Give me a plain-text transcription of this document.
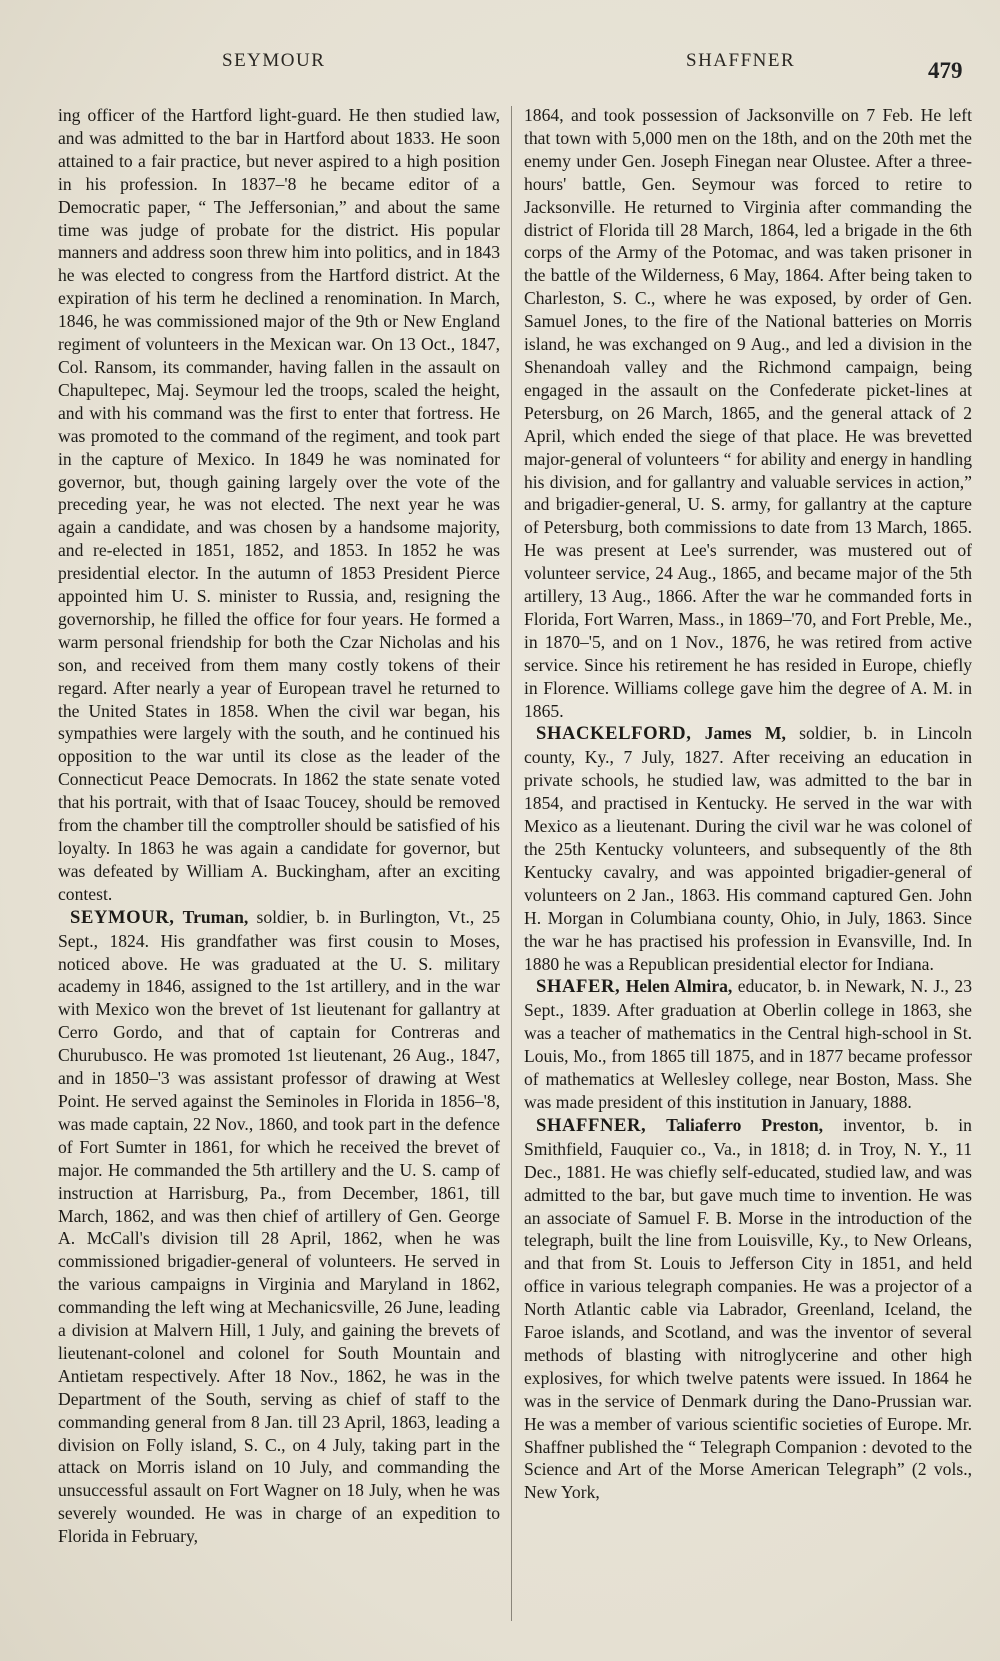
SEYMOUR	SHAFFNER	479

ing officer of the Hartford light-guard. He then studied law, and was admitted to the bar in Hartford about 1833. He soon attained to a fair practice, but never aspired to a high position in his profession. In 1837–'8 he became editor of a Democratic paper, “ The Jeffersonian,” and about the same time was judge of probate for the district. His popular manners and address soon threw him into politics, and in 1843 he was elected to congress from the Hartford district. At the expiration of his term he declined a renomination. In March, 1846, he was commissioned major of the 9th or New England regiment of volunteers in the Mexican war. On 13 Oct., 1847, Col. Ransom, its commander, having fallen in the assault on Chapultepec, Maj. Seymour led the troops, scaled the height, and with his command was the first to enter that fortress. He was promoted to the command of the regiment, and took part in the capture of Mexico. In 1849 he was nominated for governor, but, though gaining largely over the vote of the preceding year, he was not elected. The next year he was again a candidate, and was chosen by a handsome majority, and re-elected in 1851, 1852, and 1853. In 1852 he was presidential elector. In the autumn of 1853 President Pierce appointed him U. S. minister to Russia, and, resigning the governorship, he filled the office for four years. He formed a warm personal friendship for both the Czar Nicholas and his son, and received from them many costly tokens of their regard. After nearly a year of European travel he returned to the United States in 1858. When the civil war began, his sympathies were largely with the south, and he continued his opposition to the war until its close as the leader of the Connecticut Peace Democrats. In 1862 the state senate voted that his portrait, with that of Isaac Toucey, should be removed from the chamber till the comptroller should be satisfied of his loyalty. In 1863 he was again a candidate for governor, but was defeated by William A. Buckingham, after an exciting contest.

SEYMOUR, Truman, soldier, b. in Burlington, Vt., 25 Sept., 1824. His grandfather was first cousin to Moses, noticed above. He was graduated at the U. S. military academy in 1846, assigned to the 1st artillery, and in the war with Mexico won the brevet of 1st lieutenant for gallantry at Cerro Gordo, and that of captain for Contreras and Churubusco. He was promoted 1st lieutenant, 26 Aug., 1847, and in 1850–'3 was assistant professor of drawing at West Point. He served against the Seminoles in Florida in 1856–'8, was made captain, 22 Nov., 1860, and took part in the defence of Fort Sumter in 1861, for which he received the brevet of major. He commanded the 5th artillery and the U. S. camp of instruction at Harrisburg, Pa., from December, 1861, till March, 1862, and was then chief of artillery of Gen. George A. McCall's division till 28 April, 1862, when he was commissioned brigadier-general of volunteers. He served in the various campaigns in Virginia and Maryland in 1862, commanding the left wing at Mechanicsville, 26 June, leading a division at Malvern Hill, 1 July, and gaining the brevets of lieutenant-colonel and colonel for South Mountain and Antietam respectively. After 18 Nov., 1862, he was in the Department of the South, serving as chief of staff to the commanding general from 8 Jan. till 23 April, 1863, leading a division on Folly island, S. C., on 4 July, taking part in the attack on Morris island on 10 July, and commanding the unsuccessful assault on Fort Wagner on 18 July, when he was severely wounded. He was in charge of an expedition to Florida in February,

1864, and took possession of Jacksonville on 7 Feb. He left that town with 5,000 men on the 18th, and on the 20th met the enemy under Gen. Joseph Finegan near Olustee. After a three-hours' battle, Gen. Seymour was forced to retire to Jacksonville. He returned to Virginia after commanding the district of Florida till 28 March, 1864, led a brigade in the 6th corps of the Army of the Potomac, and was taken prisoner in the battle of the Wilderness, 6 May, 1864. After being taken to Charleston, S. C., where he was exposed, by order of Gen. Samuel Jones, to the fire of the National batteries on Morris island, he was exchanged on 9 Aug., and led a division in the Shenandoah valley and the Richmond campaign, being engaged in the assault on the Confederate picket-lines at Petersburg, on 26 March, 1865, and the general attack of 2 April, which ended the siege of that place. He was brevetted major-general of volunteers “ for ability and energy in handling his division, and for gallantry and valuable services in action,” and brigadier-general, U. S. army, for gallantry at the capture of Petersburg, both commissions to date from 13 March, 1865. He was present at Lee's surrender, was mustered out of volunteer service, 24 Aug., 1865, and became major of the 5th artillery, 13 Aug., 1866. After the war he commanded forts in Florida, Fort Warren, Mass., in 1869–'70, and Fort Preble, Me., in 1870–'5, and on 1 Nov., 1876, he was retired from active service. Since his retirement he has resided in Europe, chiefly in Florence. Williams college gave him the degree of A. M. in 1865.

SHACKELFORD, James M, soldier, b. in Lincoln county, Ky., 7 July, 1827. After receiving an education in private schools, he studied law, was admitted to the bar in 1854, and practised in Kentucky. He served in the war with Mexico as a lieutenant. During the civil war he was colonel of the 25th Kentucky volunteers, and subsequently of the 8th Kentucky cavalry, and was appointed brigadier-general of volunteers on 2 Jan., 1863. His command captured Gen. John H. Morgan in Columbiana county, Ohio, in July, 1863. Since the war he has practised his profession in Evansville, Ind. In 1880 he was a Republican presidential elector for Indiana.

SHAFER, Helen Almira, educator, b. in Newark, N. J., 23 Sept., 1839. After graduation at Oberlin college in 1863, she was a teacher of mathematics in the Central high-school in St. Louis, Mo., from 1865 till 1875, and in 1877 became professor of mathematics at Wellesley college, near Boston, Mass. She was made president of this institution in January, 1888.

SHAFFNER, Taliaferro Preston, inventor, b. in Smithfield, Fauquier co., Va., in 1818; d. in Troy, N. Y., 11 Dec., 1881. He was chiefly self-educated, studied law, and was admitted to the bar, but gave much time to invention. He was an associate of Samuel F. B. Morse in the introduction of the telegraph, built the line from Louisville, Ky., to New Orleans, and that from St. Louis to Jefferson City in 1851, and held office in various telegraph companies. He was a projector of a North Atlantic cable via Labrador, Greenland, Iceland, the Faroe islands, and Scotland, and was the inventor of several methods of blasting with nitroglycerine and other high explosives, for which twelve patents were issued. In 1864 he was in the service of Denmark during the Dano-Prussian war. He was a member of various scientific societies of Europe. Mr. Shaffner published the “ Telegraph Companion : devoted to the Science and Art of the Morse American Telegraph” (2 vols., New York,
